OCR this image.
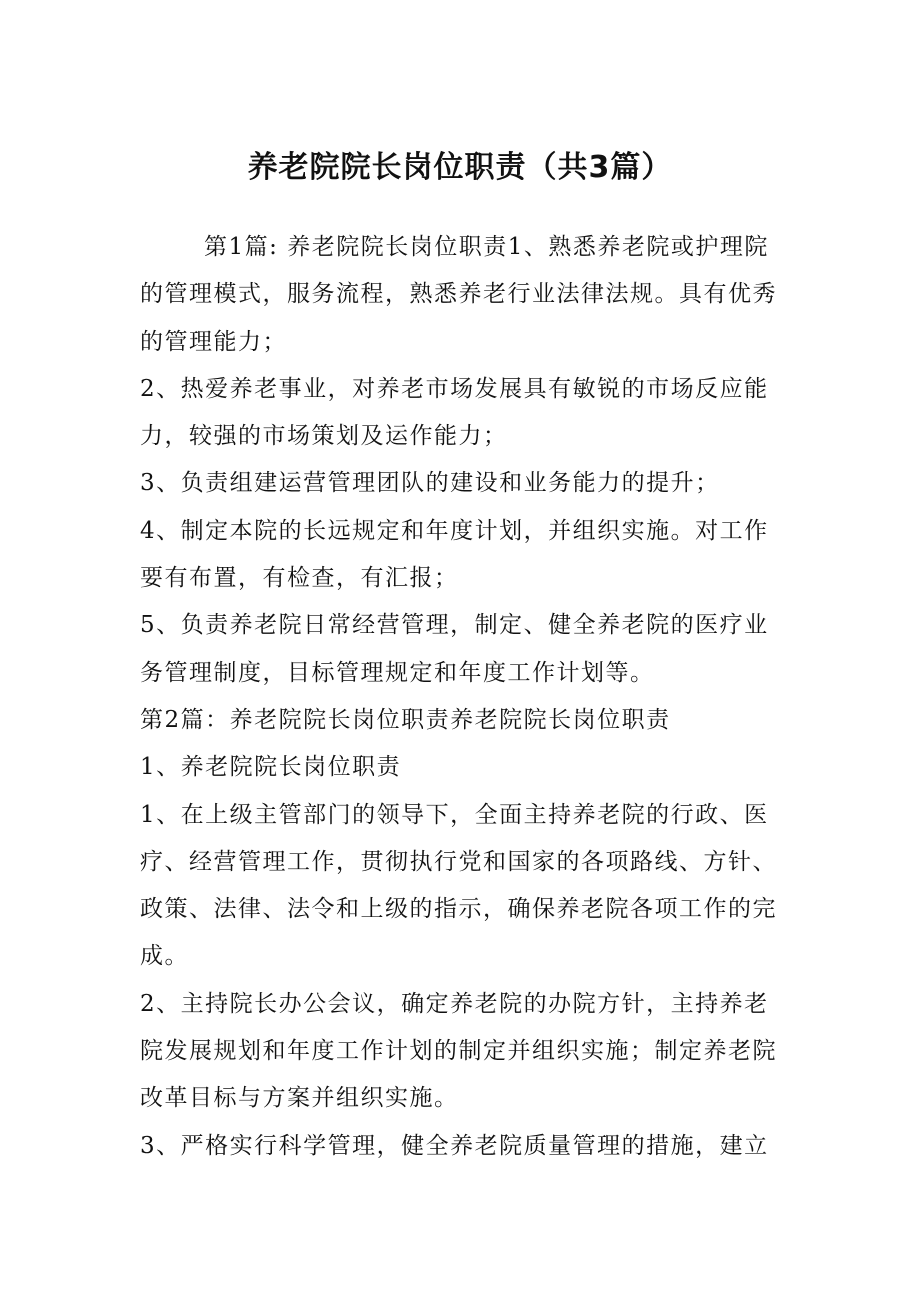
养老院院长岗位职责（共3篇）

第1篇: 养老院院长岗位职责1、熟悉养老院或护理院

的管理模式，服务流程，熟悉养老行业法律法规。具有优秀

的管理能力；

2、热爱养老事业，对养老市场发展具有敏锐的市场反应能

力，较强的市场策划及运作能力；

3、负责组建运营管理团队的建设和业务能力的提升；

4、制定本院的长远规定和年度计划，并组织实施。对工作

要有布置，有检查，有汇报；

5、负责养老院日常经营管理，制定、健全养老院的医疗业

务管理制度，目标管理规定和年度工作计划等。

第2篇：养老院院长岗位职责养老院院长岗位职责

1、养老院院长岗位职责

1、在上级主管部门的领导下，全面主持养老院的行政、医

疗、经营管理工作，贯彻执行党和国家的各项路线、方针、

政策、法律、法令和上级的指示，确保养老院各项工作的完

成。

2、主持院长办公会议，确定养老院的办院方针，主持养老

院发展规划和年度工作计划的制定并组织实施；制定养老院

改革目标与方案并组织实施。

3、严格实行科学管理，健全养老院质量管理的措施，建立
